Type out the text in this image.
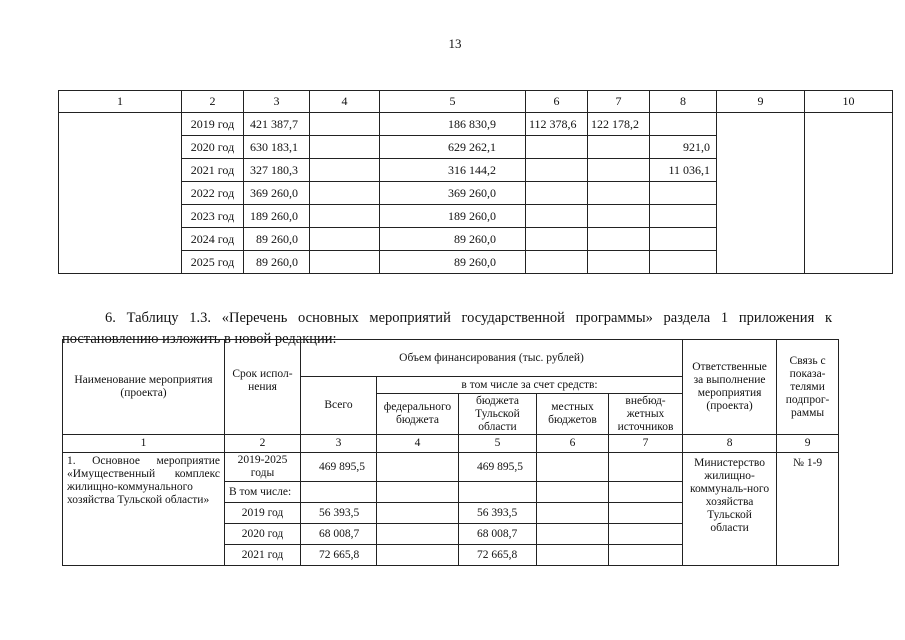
13
1	2	3	4	5	6	7	8	9	10
	2019 год	421 387,7		186 830,9	112 378,6	122 178,2			
	2020 год	630 183,1		629 262,1			921,0		
	2021 год	327 180,3		316 144,2			11 036,1		
	2022 год	369 260,0		369 260,0					
	2023 год	189 260,0		189 260,0					
	2024 год	89 260,0		89 260,0					
	2025 год	89 260,0		89 260,0					

6. Таблицу 1.3. «Перечень основных мероприятий государственной программы» раздела 1 приложения к постановлению изложить в новой редакции:

Наименование мероприятия (проекта)	Срок испол-нения	Объем финансирования (тыс. рублей)					Ответственные за выполнение мероприятия (проекта)	Связь с показа-телями подпрог-раммы
		Всего	в том числе за счет средств:					
			федерального бюджета	бюджета Тульской области	местных бюджетов	внебюд-жетных источников		
1	2	3	4	5	6	7	8	9
1. Основное мероприятие «Имущественный комплекс жилищно-коммунального хозяйства Тульской области»	2019-2025 годы	469 895,5		469 895,5			Министерство жилищно-коммуналь-ного хозяйства Тульской области	№ 1-9
	В том числе:							
	2019 год	56 393,5		56 393,5				
	2020 год	68 008,7		68 008,7				
	2021 год	72 665,8		72 665,8				
